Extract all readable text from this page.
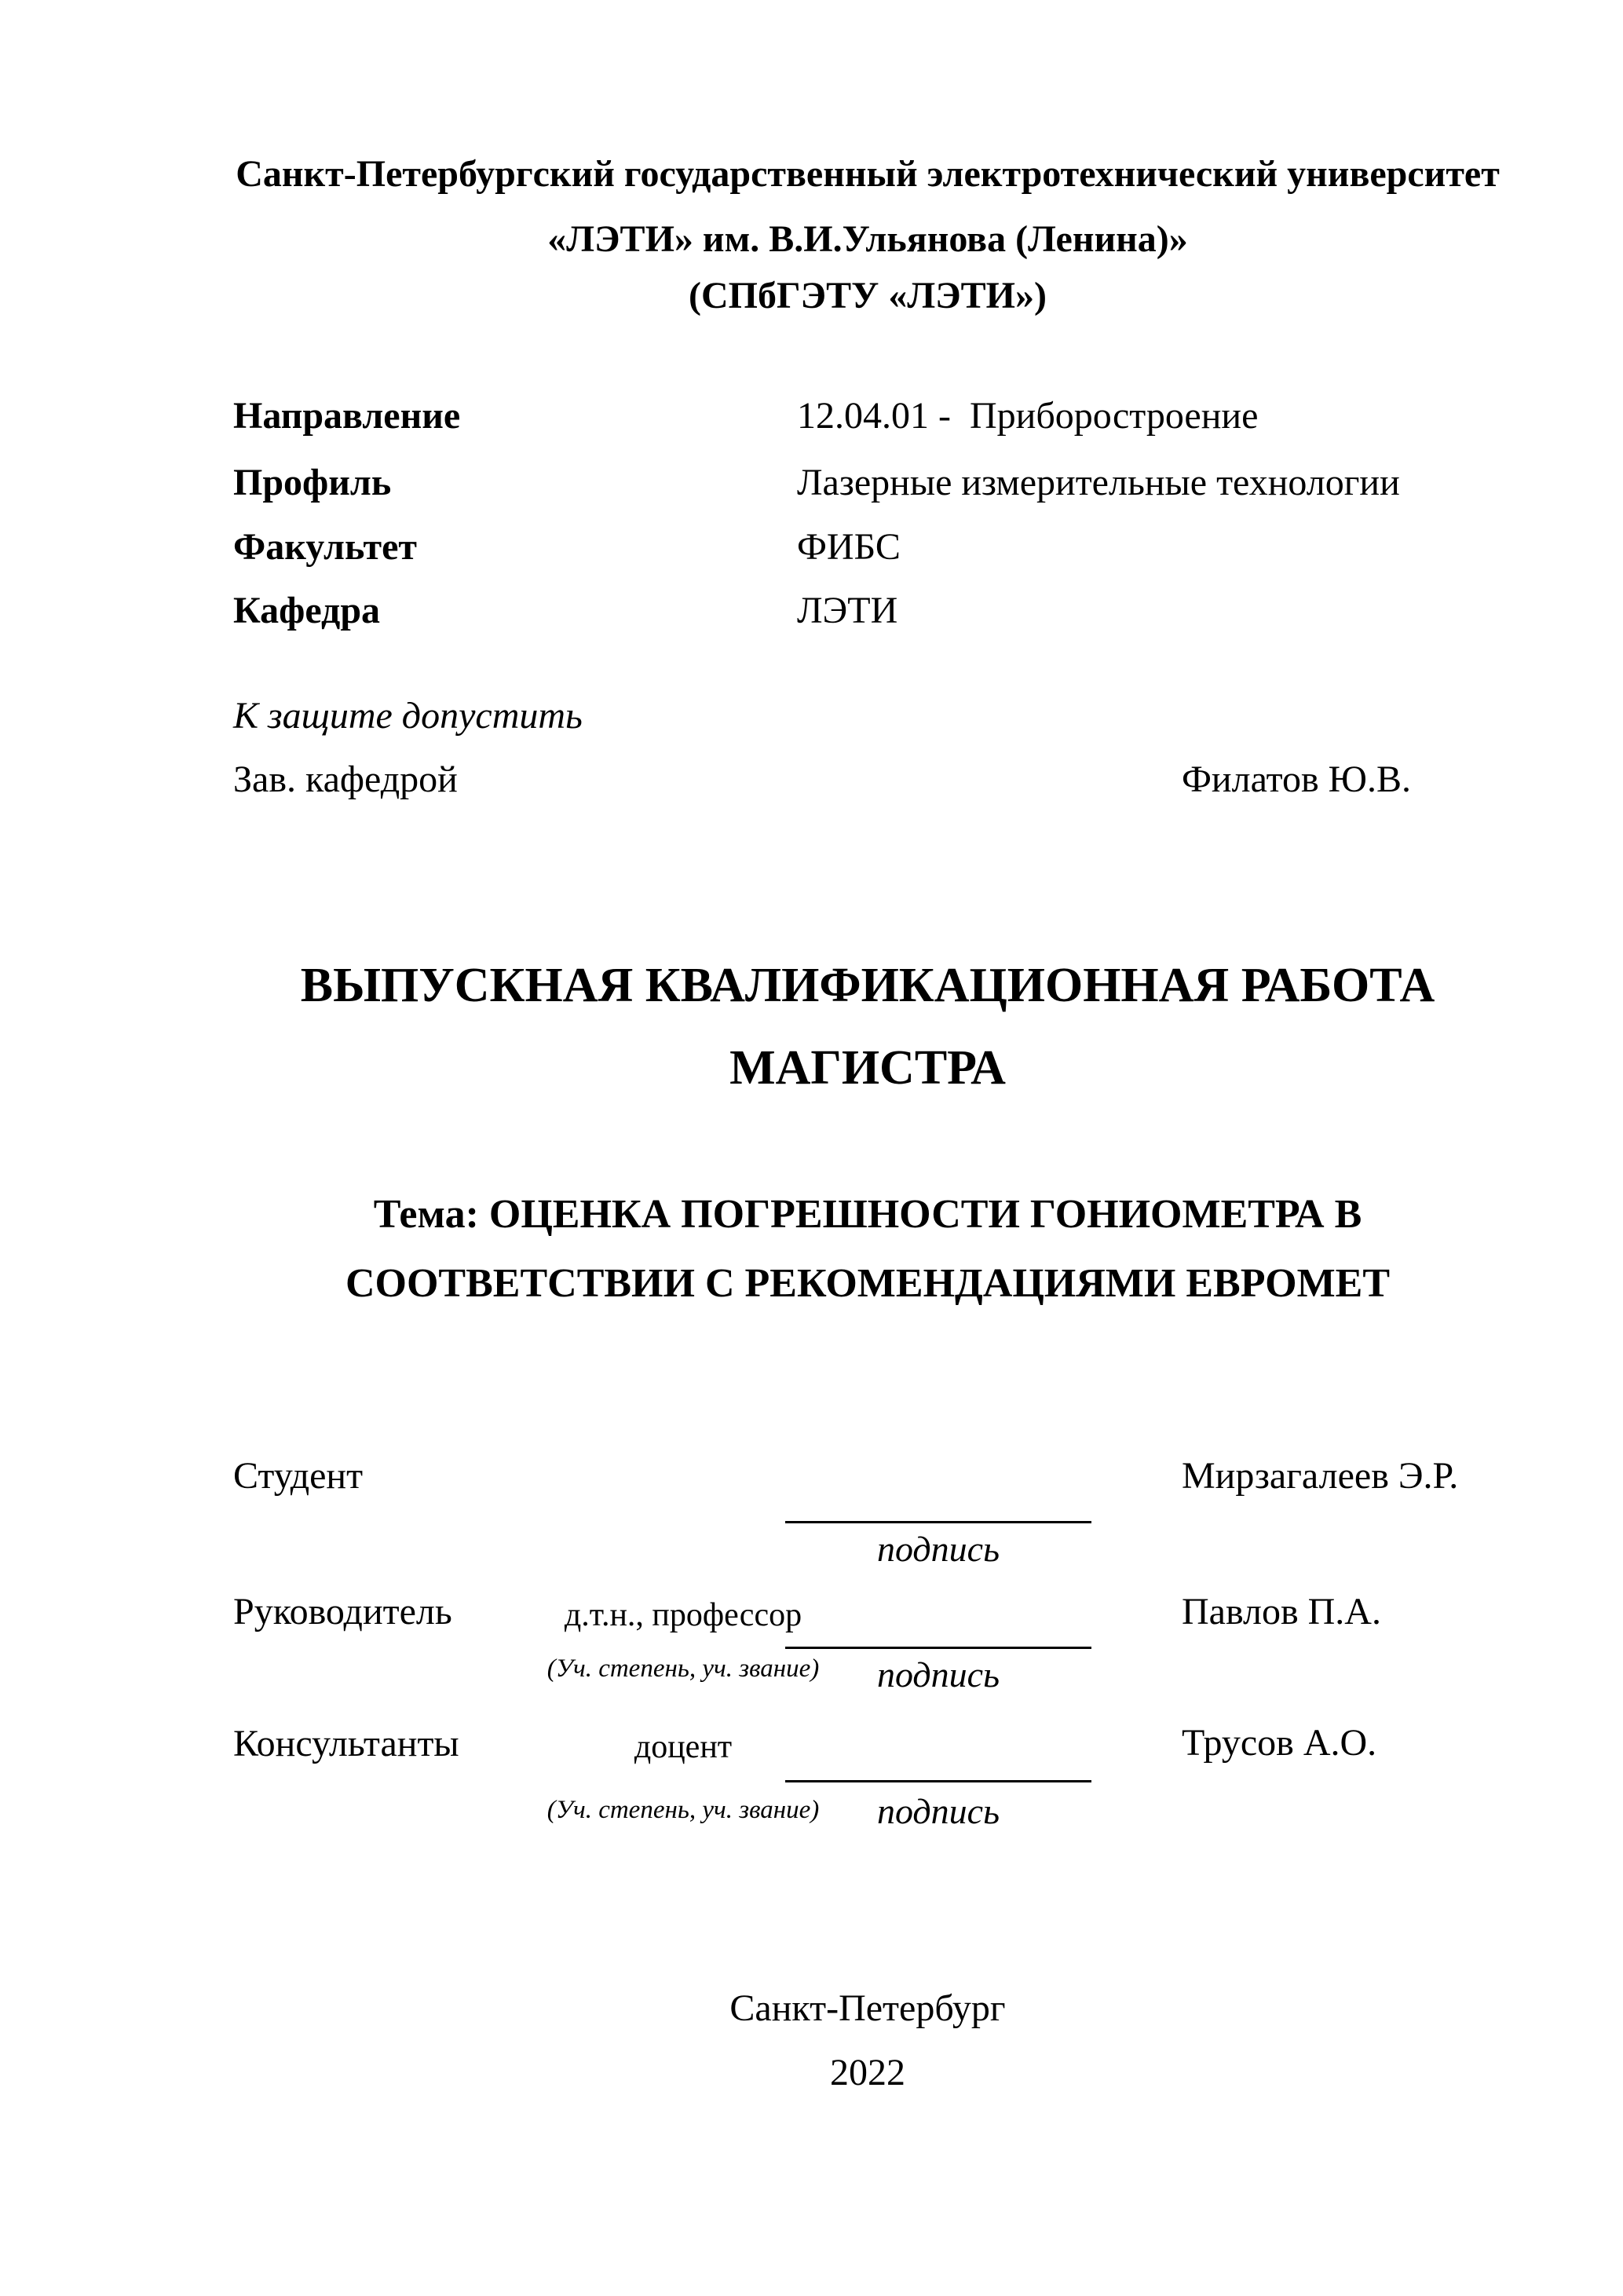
Санкт-Петербургский государственный электротехнический университет
«ЛЭТИ» им. В.И.Ульянова (Ленина)»
(СПбГЭТУ «ЛЭТИ»)
Направление	12.04.01 -  Приборостроение
Профиль	Лазерные измерительные технологии
Факультет	ФИБС
Кафедра	ЛЭТИ
К защите допустить
Зав. кафедрой	Филатов Ю.В.
ВЫПУСКНАЯ КВАЛИФИКАЦИОННАЯ РАБОТА
МАГИСТРА
Тема: ОЦЕНКА ПОГРЕШНОСТИ ГОНИОМЕТРА В
СООТВЕТСТВИИ С РЕКОМЕНДАЦИЯМИ ЕВРОМЕТ
Студент	Мирзагалеев Э.Р.
подпись
Руководитель	д.т.н., профессор	Павлов П.А.
(Уч. степень, уч. звание)	подпись
Консультанты	доцент	Трусов А.О.
(Уч. степень, уч. звание)	подпись
Санкт-Петербург
2022
